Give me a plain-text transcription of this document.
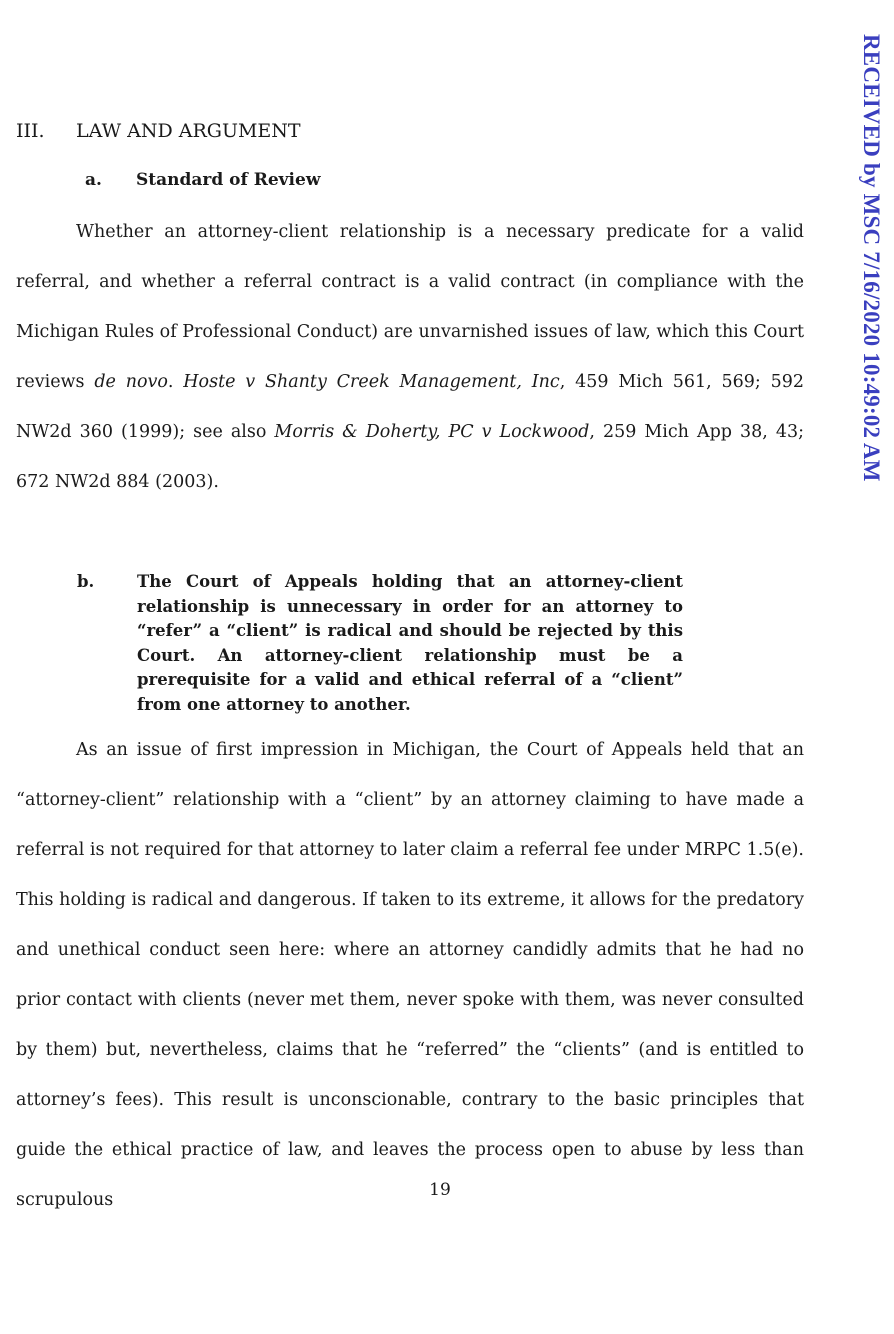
III.	LAW AND ARGUMENT
a.	Standard of Review

Whether an attorney-client relationship is a necessary predicate for a valid referral, and whether a referral contract is a valid contract (in compliance with the Michigan Rules of Professional Conduct) are unvarnished issues of law, which this Court reviews de novo. Hoste v Shanty Creek Management, Inc, 459 Mich 561, 569; 592 NW2d 360 (1999); see also Morris & Doherty, PC v Lockwood, 259 Mich App 38, 43; 672 NW2d 884 (2003).

b.	The Court of Appeals holding that an attorney-client relationship is unnecessary in order for an attorney to “refer” a “client” is radical and should be rejected by this Court. An attorney-client relationship must be a prerequisite for a valid and ethical referral of a “client” from one attorney to another.

As an issue of first impression in Michigan, the Court of Appeals held that an “attorney-client” relationship with a “client” by an attorney claiming to have made a referral is not required for that attorney to later claim a referral fee under MRPC 1.5(e). This holding is radical and dangerous. If taken to its extreme, it allows for the predatory and unethical conduct seen here: where an attorney candidly admits that he had no prior contact with clients (never met them, never spoke with them, was never consulted by them) but, nevertheless, claims that he “referred” the “clients” (and is entitled to attorney’s fees). This result is unconscionable, contrary to the basic principles that guide the ethical practice of law, and leaves the process open to abuse by less than scrupulous	19
RECEIVED by MSC 7/16/2020 10:49:02 AM
